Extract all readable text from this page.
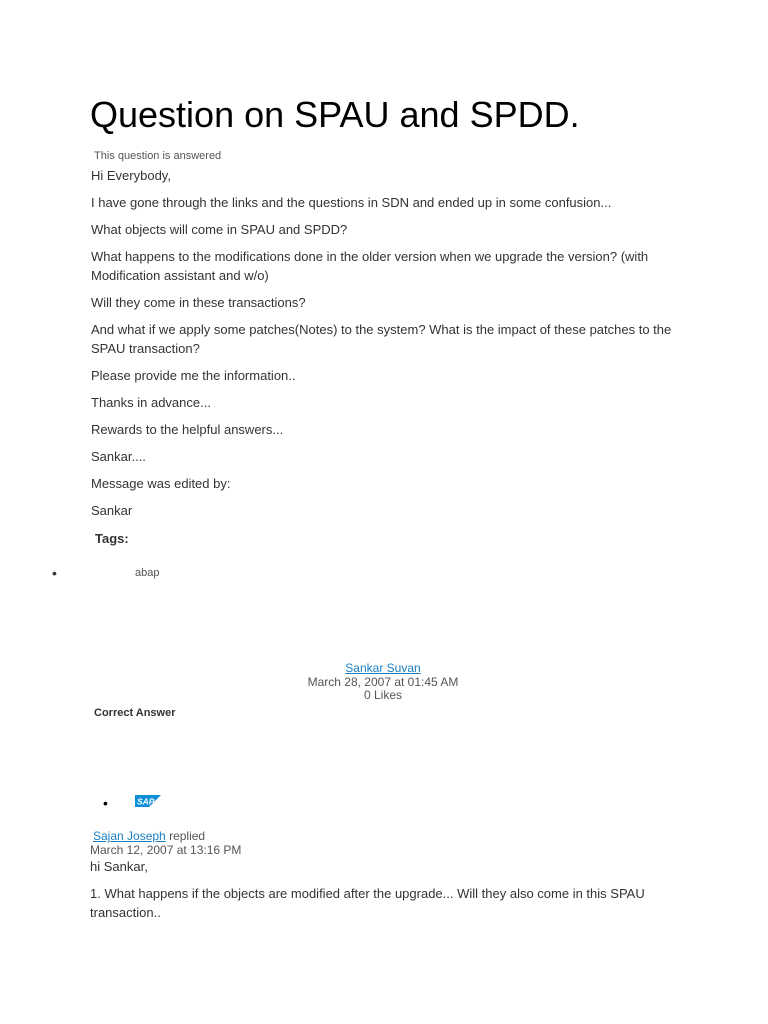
Question on SPAU and SPDD.
This question is answered

Hi Everybody,

I have gone through the links and the questions in SDN and ended up in some confusion...

What objects will come in SPAU and SPDD?

What happens to the modifications done in the older version when we upgrade the version? (with Modification assistant and w/o)

Will they come in these transactions?

And what if we apply some patches(Notes) to the system? What is the impact of these patches to the SPAU transaction?

Please provide me the information..

Thanks in advance...

Rewards to the helpful answers...

Sankar....

Message was edited by:

Sankar

Tags:
•	abap
Sankar Suvan
March 28, 2007 at 01:45 AM
0 Likes
Correct Answer
•	SAP
Sajan Joseph replied
March 12, 2007 at 13:16 PM

hi Sankar,

1. What happens if the objects are modified after the upgrade... Will they also come in this SPAU transaction..
